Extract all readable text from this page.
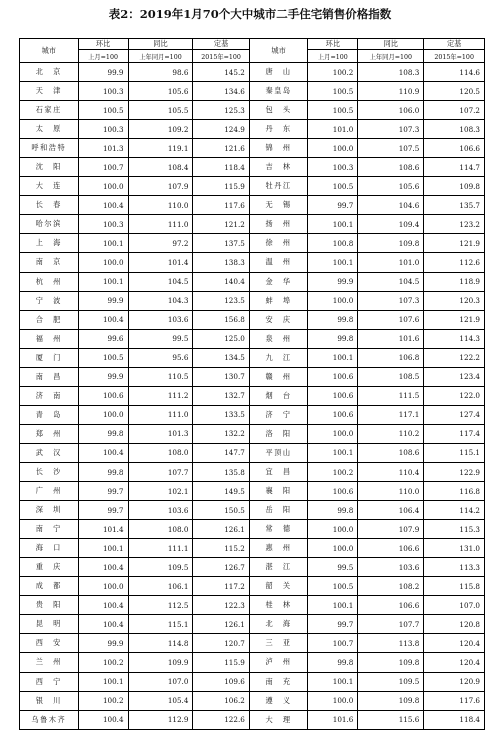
表2：2019年1月70个大中城市二手住宅销售价格指数
城市	环比	同比	定基	城市	环比	同比	定基
	上月=100	上年同月=100	2015年=100		上月=100	上年同月=100	2015年=100
北　京	99.9	98.6	145.2	唐　山	100.2	108.3	114.6
天　津	100.3	105.6	134.6	秦皇岛	100.5	110.9	120.5
石家庄	100.5	105.5	125.3	包　头	100.5	106.0	107.2
太　原	100.3	109.2	124.9	丹　东	101.0	107.3	108.3
呼和浩特	101.3	119.1	121.6	锦　州	100.0	107.5	106.6
沈　阳	100.7	108.4	118.4	吉　林	100.3	108.6	114.7
大　连	100.0	107.9	115.9	牡丹江	100.5	105.6	109.8
长　春	100.4	110.0	117.6	无　锡	99.7	104.6	135.7
哈尔滨	100.3	111.0	121.2	扬　州	100.1	109.4	123.2
上　海	100.1	97.2	137.5	徐　州	100.8	109.8	121.9
南　京	100.0	101.4	138.3	温　州	100.1	101.0	112.6
杭　州	100.1	104.5	140.4	金　华	99.9	104.5	118.9
宁　波	99.9	104.3	123.5	蚌　埠	100.0	107.3	120.3
合　肥	100.4	103.6	156.8	安　庆	99.8	107.6	121.9
福　州	99.6	99.5	125.0	泉　州	99.8	101.6	114.3
厦　门	100.5	95.6	134.5	九　江	100.1	106.8	122.2
南　昌	99.9	110.5	130.7	赣　州	100.6	108.5	123.4
济　南	100.6	111.2	132.7	烟　台	100.6	111.5	122.0
青　岛	100.0	111.0	133.5	济　宁	100.6	117.1	127.4
郑　州	99.8	101.3	132.2	洛　阳	100.0	110.2	117.4
武　汉	100.4	108.0	147.7	平顶山	100.1	108.6	115.1
长　沙	99.8	107.7	135.8	宜　昌	100.2	110.4	122.9
广　州	99.7	102.1	149.5	襄　阳	100.6	110.0	116.8
深　圳	99.7	103.6	150.5	岳　阳	99.8	106.4	114.2
南　宁	101.4	108.0	126.1	常　德	100.0	107.9	115.3
海　口	100.1	111.1	115.2	惠　州	100.0	106.6	131.0
重　庆	100.4	109.5	126.7	湛　江	99.5	103.6	113.3
成　都	100.0	106.1	117.2	韶　关	100.5	108.2	115.8
贵　阳	100.4	112.5	122.3	桂　林	100.1	106.6	107.0
昆　明	100.4	115.1	126.1	北　海	99.7	107.7	120.8
西　安	99.9	114.8	120.7	三　亚	100.7	113.8	120.4
兰　州	100.2	109.9	115.9	泸　州	99.8	109.8	120.4
西　宁	100.1	107.0	109.6	南　充	100.1	109.5	120.9
银　川	100.2	105.4	106.2	遵　义	100.0	109.8	117.6
乌鲁木齐	100.4	112.9	122.6	大　理	101.6	115.6	118.4
